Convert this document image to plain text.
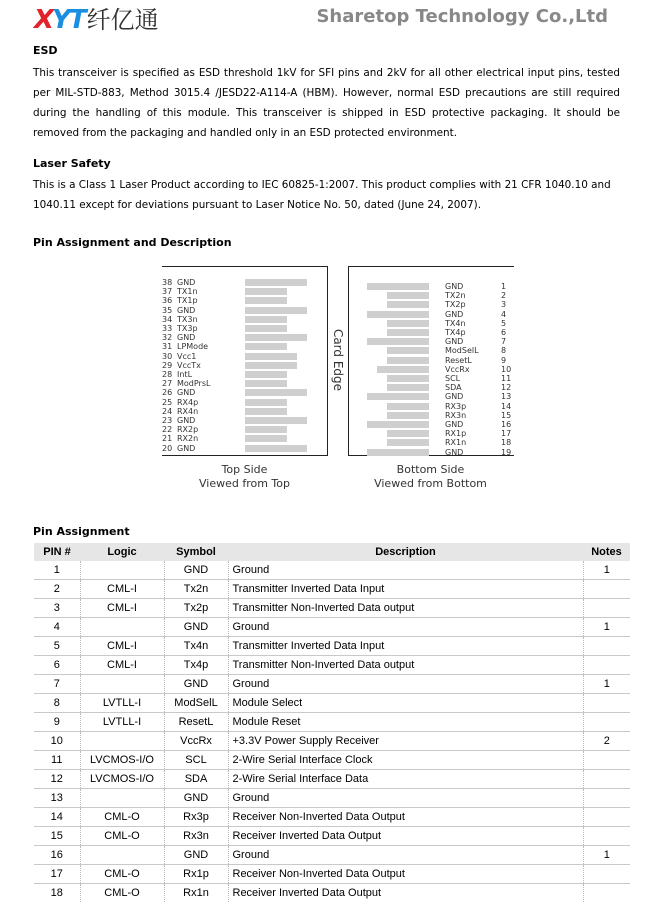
X YT 纤亿通	Sharetop Technology Co.,Ltd
ESD
This transceiver is specified as ESD threshold 1kV for SFI pins and 2kV for all other electrical input pins, tested per MIL-STD-883, Method 3015.4 /JESD22-A114-A (HBM). However, normal ESD precautions are still required during the handling of this module. This transceiver is shipped in ESD protective packaging. It should be removed from the packaging and handled only in an ESD protected environment.
Laser Safety
This is a Class 1 Laser Product according to IEC 60825-1:2007. This product complies with 21 CFR 1040.10 and 1040.11 except for deviations pursuant to Laser Notice No. 50, dated (June 24, 2007).
Pin Assignment and Description
38 GND
37 TX1n
36 TX1p
35 GND
34 TX3n
33 TX3p
32 GND
31 LPMode
30 Vcc1
29 VccTx
28 IntL
27 ModPrsL
26 GND
25 RX4p
24 RX4n
23 GND
22 RX2p
21 RX2n
20 GND
GND	1
TX2n	2
TX2p	3
GND	4
TX4n	5
TX4p	6
GND	7
ModSelL	8
ResetL	9
VccRx	10
SCL	11
SDA	12
GND	13
RX3p	14
RX3n	15
GND	16
RX1p	17
RX1n	18
GND	19
Card Edge
Top Side
Viewed from Top
Bottom Side
Viewed from Bottom
Pin Assignment
PIN #	Logic	Symbol	Description	Notes
1		GND	Ground	1
2	CML-I	Tx2n	Transmitter Inverted Data Input	
3	CML-I	Tx2p	Transmitter Non-Inverted Data output	
4		GND	Ground	1
5	CML-I	Tx4n	Transmitter Inverted Data Input	
6	CML-I	Tx4p	Transmitter Non-Inverted Data output	
7		GND	Ground	1
8	LVTLL-I	ModSelL	Module Select	
9	LVTLL-I	ResetL	Module Reset	
10		VccRx	+3.3V Power Supply Receiver	2
11	LVCMOS-I/O	SCL	2-Wire Serial Interface Clock	
12	LVCMOS-I/O	SDA	2-Wire Serial Interface Data	
13		GND	Ground	
14	CML-O	Rx3p	Receiver Non-Inverted Data Output	
15	CML-O	Rx3n	Receiver Inverted Data Output	
16		GND	Ground	1
17	CML-O	Rx1p	Receiver Non-Inverted Data Output	
18	CML-O	Rx1n	Receiver Inverted Data Output	
